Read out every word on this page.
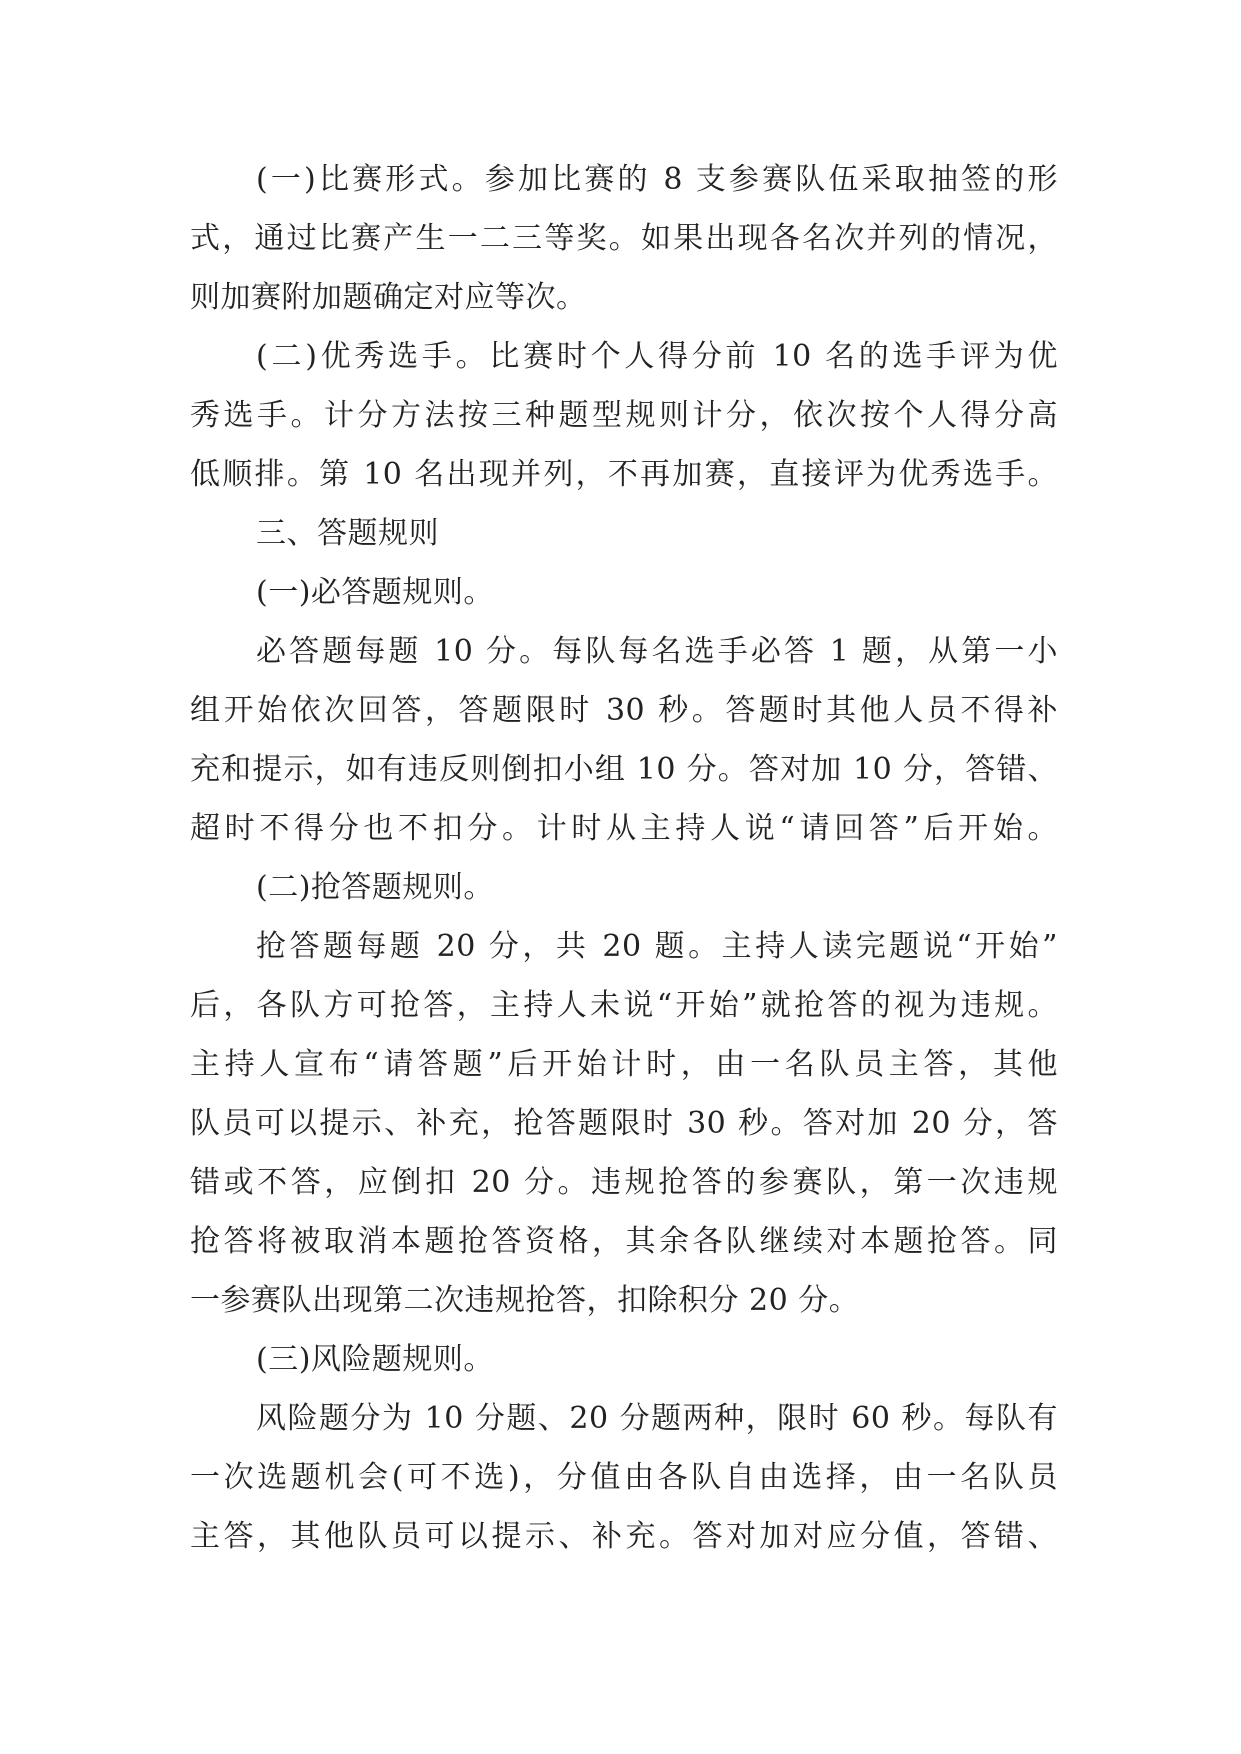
(一)比赛形式。参加比赛的 8 支参赛队伍采取抽签的形
式，通过比赛产生一二三等奖。如果出现各名次并列的情况，
则加赛附加题确定对应等次。
(二)优秀选手。比赛时个人得分前 10 名的选手评为优
秀选手。计分方法按三种题型规则计分，依次按个人得分高
低顺排。第 10 名出现并列，不再加赛，直接评为优秀选手。
三、答题规则
(一)必答题规则。
必答题每题 10 分。每队每名选手必答 1 题，从第一小
组开始依次回答，答题限时 30 秒。答题时其他人员不得补
充和提示，如有违反则倒扣小组 10 分。答对加 10 分，答错、
超时不得分也不扣分。计时从主持人说“请回答”后开始。
(二)抢答题规则。
抢答题每题 20 分，共 20 题。主持人读完题说“开始”
后，各队方可抢答，主持人未说“开始”就抢答的视为违规。
主持人宣布“请答题”后开始计时，由一名队员主答，其他
队员可以提示、补充，抢答题限时 30 秒。答对加 20 分，答
错或不答，应倒扣 20 分。违规抢答的参赛队，第一次违规
抢答将被取消本题抢答资格，其余各队继续对本题抢答。同
一参赛队出现第二次违规抢答，扣除积分 20 分。
(三)风险题规则。
风险题分为 10 分题、20 分题两种，限时 60 秒。每队有
一次选题机会(可不选)，分值由各队自由选择，由一名队员
主答，其他队员可以提示、补充。答对加对应分值，答错、
